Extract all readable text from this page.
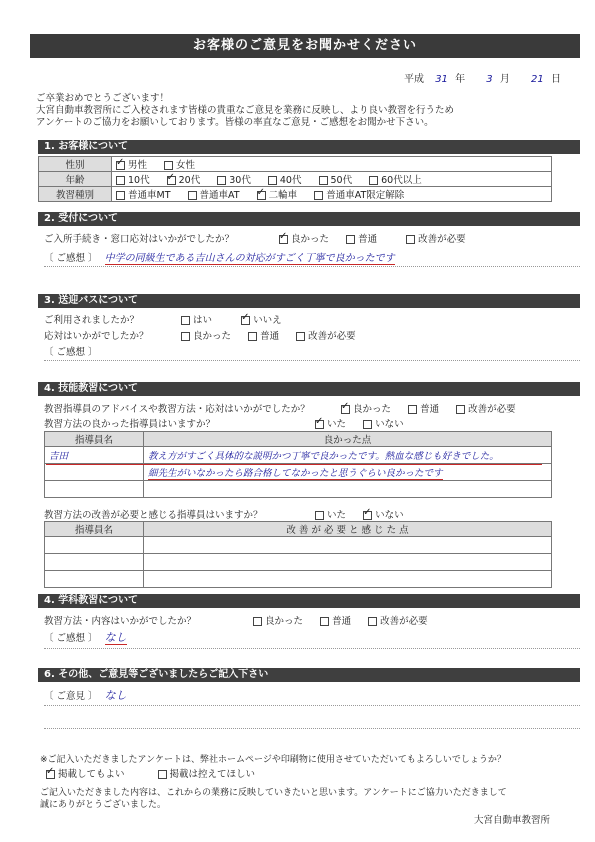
お客様のご意見をお聞かせください
平成 31 年 3 月 21 日
ご卒業おめでとうございます！
大宮自動車教習所にご入校されます皆様の貴重なご意見を業務に反映し、より良い教習を行うため
アンケートのご協力をお願いしております。皆様の率直なご意見・ご感想をお聞かせ下さい。
1. お客様について
性別	✓男性 女性
年齢	10代 ✓ 20代 30代 40代 50代 60代以上
教習種別	普通車MT 普通車AT ✓ 二輪車 普通車AT限定解除
2. 受付について
ご入所手続き・窓口応対はいかがでしたか？ ✓	良かった	普通	改善が必要
〔 ご感想 〕 中学の同級生である吉山さんの対応がすごく丁寧で良かったです
3. 送迎バスについて
ご利用されましたか？	はい ✓	いいえ
応対はいかがでしたか？	良かった	普通	改善が必要
〔 ご感想 〕
4. 技能教習について
教習指導員のアドバイスや教習方法・応対はいかがでしたか？ ✓	良かった	普通	改善が必要
教習方法の良かった指導員はいますか？ ✓	いた	いない
指導員名	良かった点
吉田	教え方がすごく具体的な説明かつ丁寧で良かったです。熱血な感じも好きでした。
	細先生がいなかったら路合格してなかったと思うぐらい良かったです

教習方法の改善が必要と感じる指導員はいますか？	いた ✓	いない
指導員名	改 善 が 必 要 と 感 じ た 点

4. 学科教習について
教習方法・内容はいかがでしたか？	良かった	普通	改善が必要
〔 ご感想 〕 なし
6. その他、ご意見等ございましたらご記入下さい
〔 ご意見 〕 なし
※ご記入いただきましたアンケートは、弊社ホームページや印刷物に使用させていただいてもよろしいでしょうか？
✓掲載してもよい	掲載は控えてほしい
ご記入いただきました内容は、これからの業務に反映していきたいと思います。アンケートにご協力いただきまして
誠にありがとうございました。
大宮自動車教習所
